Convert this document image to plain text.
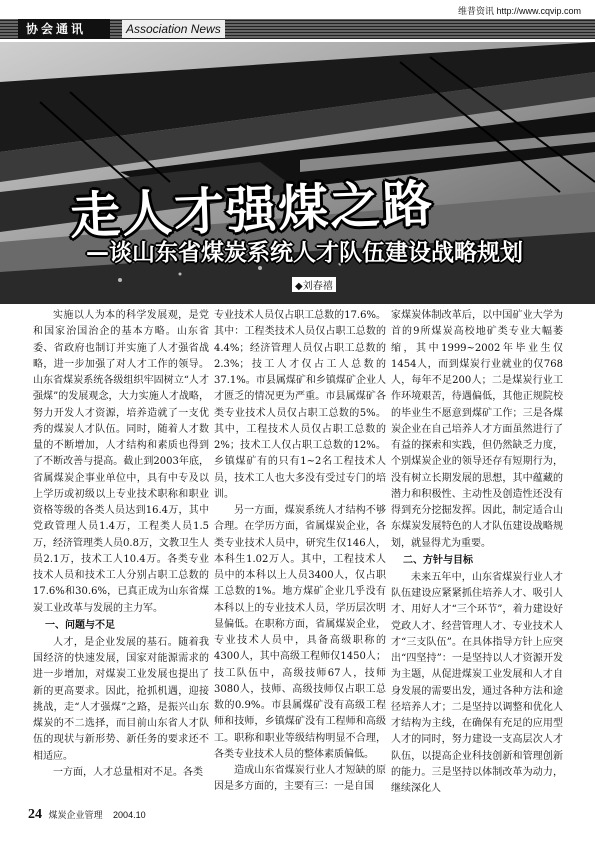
维普资讯 http://www.cqvip.com
协会通讯	Association News
走人才强煤之路
—谈山东省煤炭系统人才队伍建设战略规划
◆刘春禧

实施以人为本的科学发展观，是党和国家治国治企的基本方略。山东省委、省政府也制订并实施了人才强省战略，进一步加强了对人才工作的领导。山东省煤炭系统各级组织牢固树立“人才强煤”的发展观念，大力实施人才战略，努力开发人才资源，培养造就了一支优秀的煤炭人才队伍。同时，随着人才数量的不断增加，人才结构和素质也得到了不断改善与提高。截止到2003年底，省属煤炭企事业单位中，具有中专及以上学历或初级以上专业技术职称和职业资格等级的各类人员达到16.4万，其中党政管理人员1.4万，工程类人员1.5万，经济管理类人员0.8万，文教卫生人员2.1万，技术工人10.4万。各类专业技术人员和技术工人分别占职工总数的17.6%和30.6%，已真正成为山东省煤炭工业改革与发展的主力军。

一、问题与不足

人才，是企业发展的基石。随着我国经济的快速发展，国家对能源需求的进一步增加，对煤炭工业发展也提出了新的更高要求。因此，抢抓机遇，迎接挑战，走“人才强煤”之路，是振兴山东煤炭的不二选择，而目前山东省人才队伍的现状与新形势、新任务的要求还不相适应。

一方面，人才总量相对不足。各类

专业技术人员仅占职工总数的17.6%。其中：工程类技术人员仅占职工总数的4.4%；经济管理人员仅占职工总数的2.3%；技工人才仅占工人总数的37.1%。市县属煤矿和乡镇煤矿企业人才匮乏的情况更为严重。市县属煤矿各类专业技术人员仅占职工总数的5%。其中，工程技术人员仅占职工总数的2%；技术工人仅占职工总数的12%。乡镇煤矿有的只有1~2名工程技术人员，技术工人也大多没有受过专门的培训。

另一方面，煤炭系统人才结构不够合理。在学历方面，省属煤炭企业，各类专业技术人员中，研究生仅146人，本科生1.02万人。其中，工程技术人员中的本科以上人员3400人，仅占职工总数的1%。地方煤矿企业几乎没有本科以上的专业技术人员，学历层次明显偏低。在职称方面，省属煤炭企业，专业技术人员中，具备高级职称的4300人，其中高级工程师仅1450人；技工队伍中，高级技师67人，技师3080人，技师、高级技师仅占职工总数的0.9%。市县属煤矿没有高级工程师和技师，乡镇煤矿没有工程师和高级工。职称和职业等级结构明显不合理，各类专业技术人员的整体素质偏低。

造成山东省煤炭行业人才短缺的原因是多方面的，主要有三：一是自国

家煤炭体制改革后，以中国矿业大学为首的9所煤炭高校地矿类专业大幅萎缩，其中1999~2002年毕业生仅1454人，而到煤炭行业就业的仅768人，每年不足200人；二是煤炭行业工作环境艰苦，待遇偏低，其他正规院校的毕业生不愿意到煤矿工作；三是各煤炭企业在自己培养人才方面虽然进行了有益的探索和实践，但仍然缺乏力度，个别煤炭企业的领导还存有短期行为，没有树立长期发展的思想，其中蕴藏的潜力和积极性、主动性及创造性还没有得到充分挖掘发挥。因此，制定适合山东煤炭发展特色的人才队伍建设战略规划，就显得尤为重要。

二、方针与目标

未来五年中，山东省煤炭行业人才队伍建设应紧紧抓住培养人才、吸引人才、用好人才“三个环节”，着力建设好党政人才、经营管理人才、专业技术人才“三支队伍”。在具体指导方针上应突出“四坚持”：一是坚持以人才资源开发为主题，从促进煤炭工业发展和人才自身发展的需要出发，通过各种方法和途径培养人才；二是坚持以调整和优化人才结构为主线，在确保有充足的应用型人才的同时，努力建设一支高层次人才队伍，以提高企业科技创新和管理创新的能力。三是坚持以体制改革为动力，继续深化人

24 煤炭企业管理 2004.10
